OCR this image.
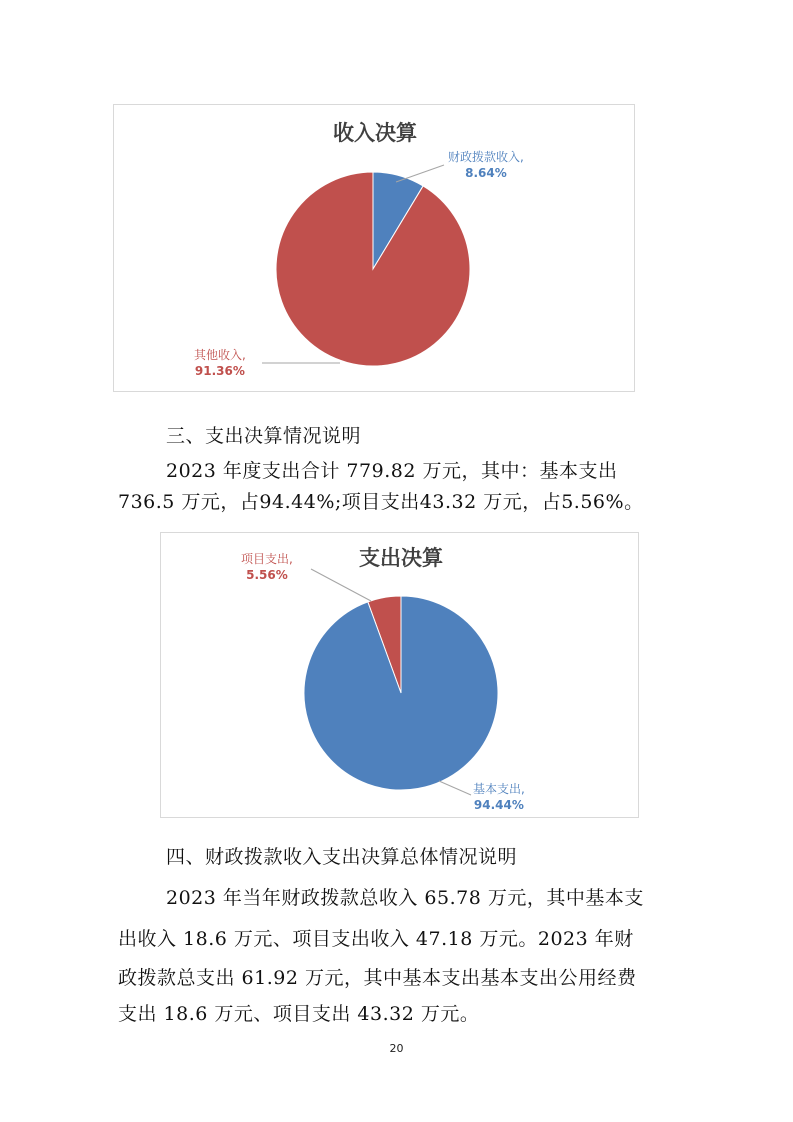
收入决算
财政拨款收入,
8.64%
其他收入,
91.36%
三、支出决算情况说明
2023 年度支出合计 779.82 万元，其中：基本支出
736.5 万元，占94.44%;项目支出43.32 万元，占5.56%。
支出决算
项目支出,
5.56%
基本支出,
94.44%
四、财政拨款收入支出决算总体情况说明
2023 年当年财政拨款总收入 65.78 万元，其中基本支
出收入 18.6 万元、项目支出收入 47.18 万元。2023 年财
政拨款总支出 61.92 万元，其中基本支出基本支出公用经费
支出 18.6 万元、项目支出 43.32 万元。
20
